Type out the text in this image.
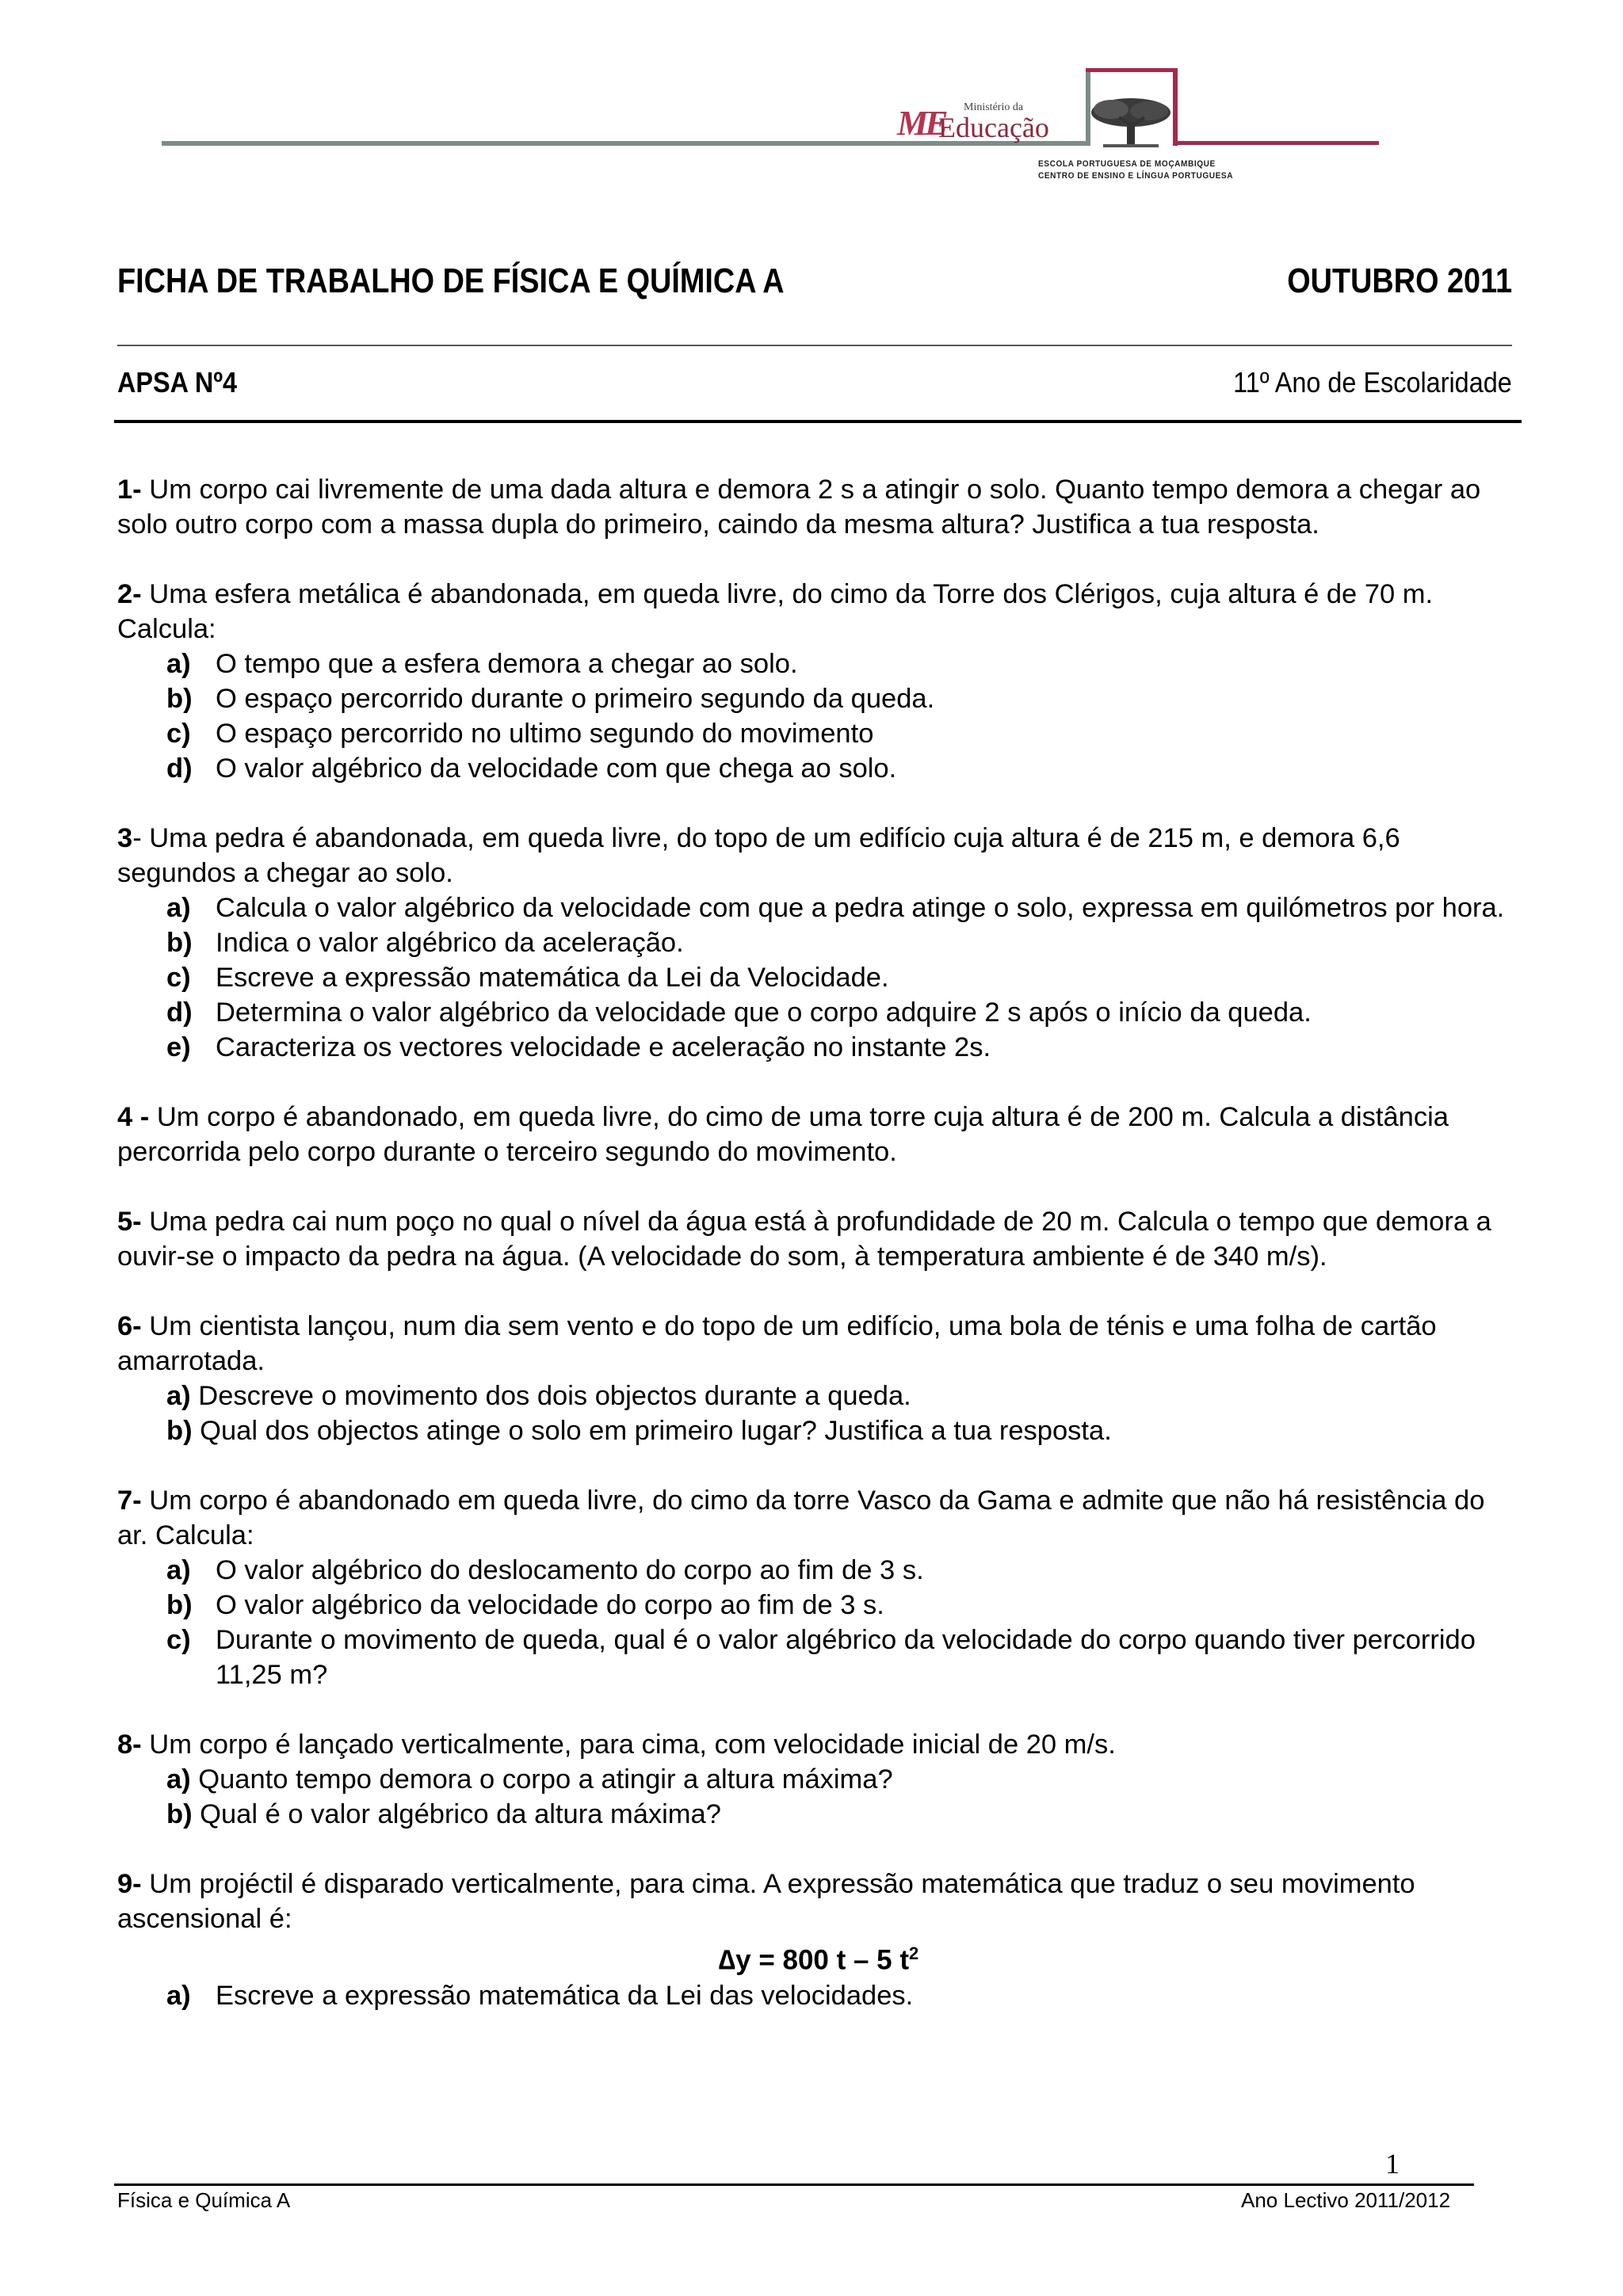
ME Ministério da
Educação
ESCOLA PORTUGUESA DE MOÇAMBIQUE
CENTRO DE ENSINO E LÍNGUA PORTUGUESA
FICHA DE TRABALHO DE FÍSICA E QUÍMICA A	OUTUBRO 2011
APSA Nº4	11º Ano de Escolaridade

1- Um corpo cai livremente de uma dada altura e demora 2 s a atingir o solo. Quanto tempo demora a chegar ao solo outro corpo com a massa dupla do primeiro, caindo da mesma altura? Justifica a tua resposta.

2- Uma esfera metálica é abandonada, em queda livre, do cimo da Torre dos Clérigos, cuja altura é de 70 m. Calcula:

a) O tempo que a esfera demora a chegar ao solo.
b) O espaço percorrido durante o primeiro segundo da queda.
c) O espaço percorrido no ultimo segundo do movimento
d) O valor algébrico da velocidade com que chega ao solo.

3- Uma pedra é abandonada, em queda livre, do topo de um edifício cuja altura é de 215 m, e demora 6,6 segundos a chegar ao solo.

a) Calcula o valor algébrico da velocidade com que a pedra atinge o solo, expressa em quilómetros por hora.
b) Indica o valor algébrico da aceleração.
c) Escreve a expressão matemática da Lei da Velocidade.
d) Determina o valor algébrico da velocidade que o corpo adquire 2 s após o início da queda.
e) Caracteriza os vectores velocidade e aceleração no instante 2s.

4 - Um corpo é abandonado, em queda livre, do cimo de uma torre cuja altura é de 200 m. Calcula a distância percorrida pelo corpo durante o terceiro segundo do movimento.

5- Uma pedra cai num poço no qual o nível da água está à profundidade de 20 m. Calcula o tempo que demora a ouvir-se o impacto da pedra na água. (A velocidade do som, à temperatura ambiente é de 340 m/s).

6- Um cientista lançou, num dia sem vento e do topo de um edifício, uma bola de ténis e uma folha de cartão amarrotada.

a) Descreve o movimento dos dois objectos durante a queda.
b) Qual dos objectos atinge o solo em primeiro lugar? Justifica a tua resposta.

7- Um corpo é abandonado em queda livre, do cimo da torre Vasco da Gama e admite que não há resistência do ar. Calcula:

a) O valor algébrico do deslocamento do corpo ao fim de 3 s.
b) O valor algébrico da velocidade do corpo ao fim de 3 s.
c) Durante o movimento de queda, qual é o valor algébrico da velocidade do corpo quando tiver percorrido 11,25 m?

8- Um corpo é lançado verticalmente, para cima, com velocidade inicial de 20 m/s.

a) Quanto tempo demora o corpo a atingir a altura máxima?
b) Qual é o valor algébrico da altura máxima?

9- Um projéctil é disparado verticalmente, para cima. A expressão matemática que traduz o seu movimento ascensional é:

∆y = 800 t – 5 $t^2$
a) Escreve a expressão matemática da Lei das velocidades.
1
Física e Química A	Ano Lectivo 2011/2012
